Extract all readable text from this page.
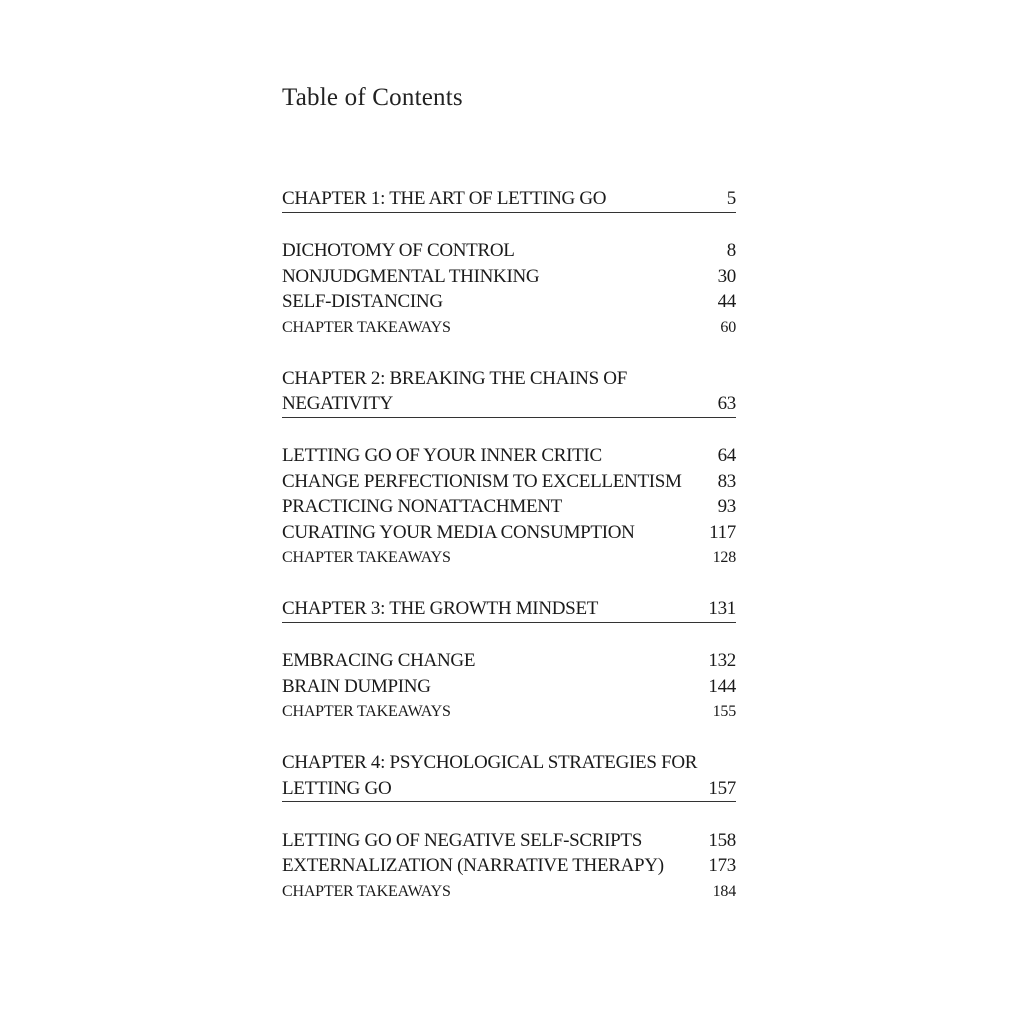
Table of Contents
CHAPTER 1: THE ART OF LETTING GO	5
DICHOTOMY OF CONTROL	8
NONJUDGMENTAL THINKING	30
SELF-DISTANCING	44
CHAPTER TAKEAWAYS	60
CHAPTER 2: BREAKING THE CHAINS OF
NEGATIVITY	63
LETTING GO OF YOUR INNER CRITIC	64
CHANGE PERFECTIONISM TO EXCELLENTISM 83
PRACTICING NONATTACHMENT	93
CURATING YOUR MEDIA CONSUMPTION	117
CHAPTER TAKEAWAYS	128
CHAPTER 3: THE GROWTH MINDSET	131
EMBRACING CHANGE	132
BRAIN DUMPING	144
CHAPTER TAKEAWAYS	155
CHAPTER 4: PSYCHOLOGICAL STRATEGIES FOR
LETTING GO	157
LETTING GO OF NEGATIVE SELF-SCRIPTS	158
EXTERNALIZATION (NARRATIVE THERAPY) 173
CHAPTER TAKEAWAYS	184
